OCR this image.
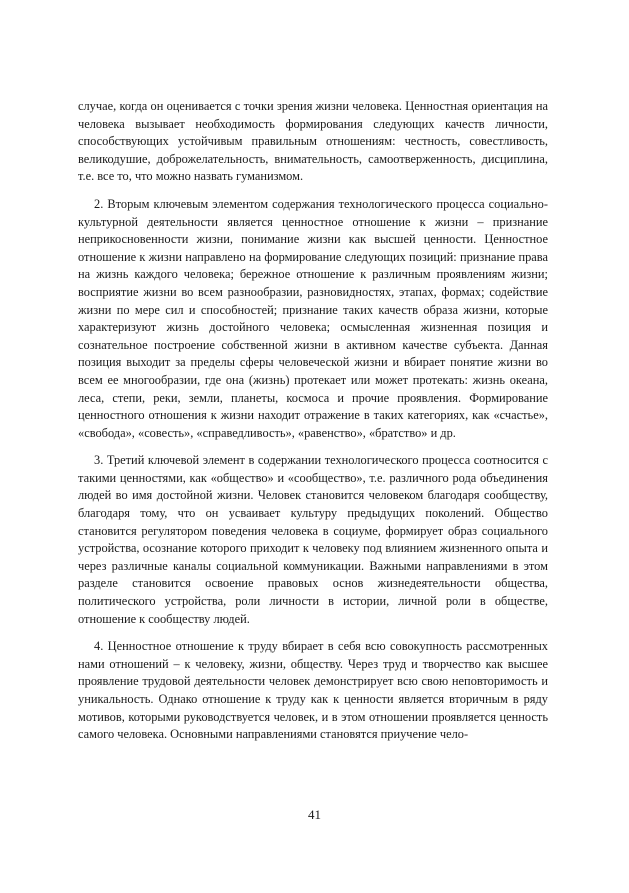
случае, когда он оценивается с точки зрения жизни человека. Ценностная ориентация на человека вызывает необходимость формирования следующих качеств личности, способствующих устойчивым правильным отношениям: честность, совестливость, великодушие, доброжелательность, внимательность, самоотверженность, дисциплина, т.е. все то, что можно назвать гуманизмом.

2. Вторым ключевым элементом содержания технологического процесса социально-культурной деятельности является ценностное отношение к жизни – признание неприкосновенности жизни, понимание жизни как высшей ценности. Ценностное отношение к жизни направлено на формирование следующих позиций: признание права на жизнь каждого человека; бережное отношение к различным проявлениям жизни; восприятие жизни во всем разнообразии, разновидностях, этапах, формах; содействие жизни по мере сил и способностей; признание таких качеств образа жизни, которые характеризуют жизнь достойного человека; осмысленная жизненная позиция и сознательное построение собственной жизни в активном качестве субъекта. Данная позиция выходит за пределы сферы человеческой жизни и вбирает понятие жизни во всем ее многообразии, где она (жизнь) протекает или может протекать: жизнь океана, леса, степи, реки, земли, планеты, космоса и прочие проявления. Формирование ценностного отношения к жизни находит отражение в таких категориях, как «счастье», «свобода», «совесть», «справедливость», «равенство», «братство» и др.

3. Третий ключевой элемент в содержании технологического процесса соотносится с такими ценностями, как «общество» и «сообщество», т.е. различного рода объединения людей во имя достойной жизни. Человек становится человеком благодаря сообществу, благодаря тому, что он усваивает культуру предыдущих поколений. Общество становится регулятором поведения человека в социуме, формирует образ социального устройства, осознание которого приходит к человеку под влиянием жизненного опыта и через различные каналы социальной коммуникации. Важными направлениями в этом разделе становится освоение правовых основ жизнедеятельности общества, политического устройства, роли личности в истории, личной роли в обществе, отношение к сообществу людей.

4. Ценностное отношение к труду вбирает в себя всю совокупность рассмотренных нами отношений – к человеку, жизни, обществу. Через труд и творчество как высшее проявление трудовой деятельности человек демонстрирует всю свою неповторимость и уникальность. Однако отношение к труду как к ценности является вторичным в ряду мотивов, которыми руководствуется человек, и в этом отношении проявляется ценность самого человека. Основными направлениями становятся приучение чело-

41
